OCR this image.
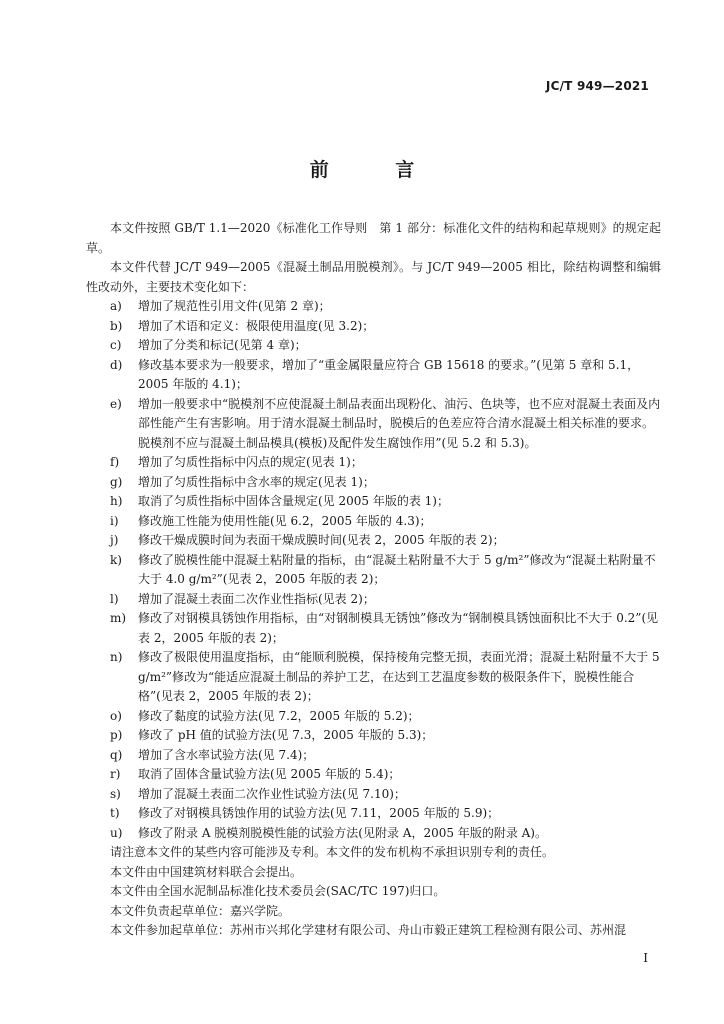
JC/T 949—2021
前 言

本文件按照 GB/T 1.1—2020《标准化工作导则　第 1 部分：标准化文件的结构和起草规则》的规定起草。

本文件代替 JC/T 949—2005《混凝土制品用脱模剂》。与 JC/T 949—2005 相比，除结构调整和编辑性改动外，主要技术变化如下：

a)	增加了规范性引用文件(见第 2 章)；
b)	增加了术语和定义：极限使用温度(见 3.2)；
c)	增加了分类和标记(见第 4 章)；
d)	修改基本要求为一般要求，增加了“重金属限量应符合 GB 15618 的要求。”(见第 5 章和 5.1，2005 年版的 4.1)；
e)	增加一般要求中“脱模剂不应使混凝土制品表面出现粉化、油污、色块等，也不应对混凝土表面及内部性能产生有害影响。用于清水混凝土制品时，脱模后的色差应符合清水混凝土相关标准的要求。脱模剂不应与混凝土制品模具(模板)及配件发生腐蚀作用”(见 5.2 和 5.3)。
f)	增加了匀质性指标中闪点的规定(见表 1)；
g)	增加了匀质性指标中含水率的规定(见表 1)；
h)	取消了匀质性指标中固体含量规定(见 2005 年版的表 1)；
i)	修改施工性能为使用性能(见 6.2，2005 年版的 4.3)；
j)	修改干燥成膜时间为表面干燥成膜时间(见表 2，2005 年版的表 2)；
k)	修改了脱模性能中混凝土粘附量的指标，由“混凝土粘附量不大于 5 g/m²”修改为“混凝土粘附量不大于 4.0 g/m²”(见表 2，2005 年版的表 2)；
l)	增加了混凝土表面二次作业性指标(见表 2)；
m) 修改了对钢模具锈蚀作用指标，由“对钢制模具无锈蚀”修改为“钢制模具锈蚀面积比不大于 0.2”(见表 2，2005 年版的表 2)；
n)	修改了极限使用温度指标，由“能顺利脱模，保持棱角完整无损，表面光滑；混凝土粘附量不大于 5 g/m²”修改为“能适应混凝土制品的养护工艺，在达到工艺温度参数的极限条件下，脱模性能合格”(见表 2，2005 年版的表 2)；
o)	修改了黏度的试验方法(见 7.2，2005 年版的 5.2)；
p)	修改了 pH 值的试验方法(见 7.3，2005 年版的 5.3)；
q)	增加了含水率试验方法(见 7.4)；
r)	取消了固体含量试验方法(见 2005 年版的 5.4)；
s)	增加了混凝土表面二次作业性试验方法(见 7.10)；
t)	修改了对钢模具锈蚀作用的试验方法(见 7.11，2005 年版的 5.9)；
u)	修改了附录 A 脱模剂脱模性能的试验方法(见附录 A，2005 年版的附录 A)。

请注意本文件的某些内容可能涉及专利。本文件的发布机构不承担识别专利的责任。

本文件由中国建筑材料联合会提出。

本文件由全国水泥制品标准化技术委员会(SAC/TC 197)归口。

本文件负责起草单位：嘉兴学院。

本文件参加起草单位：苏州市兴邦化学建材有限公司、舟山市毅正建筑工程检测有限公司、苏州混

I
